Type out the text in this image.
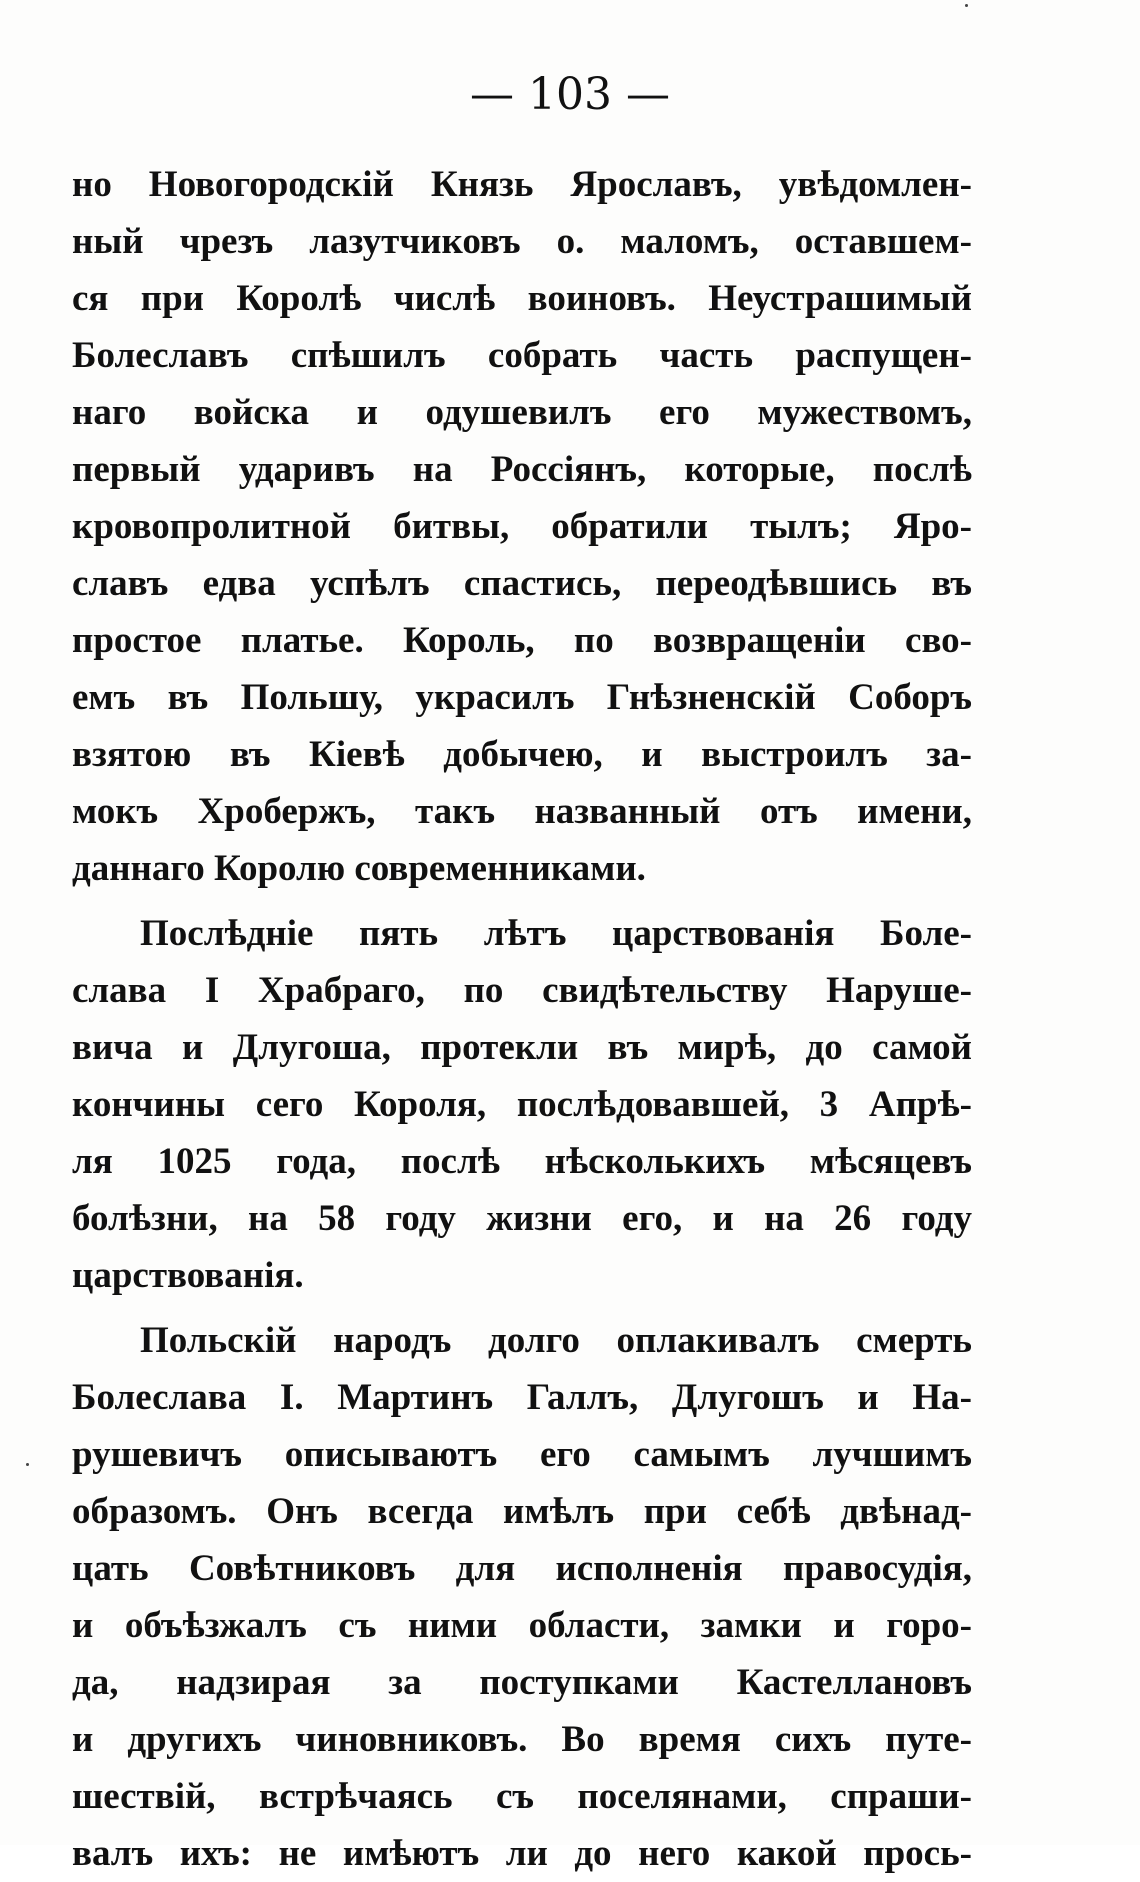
— 103 —
но Новогородскій Князь Ярославъ, увѣдомлен-
ный чрезъ лазутчиковъ о. маломъ, оставшем-
ся при Королѣ числѣ воиновъ. Неустрашимый
Болеславъ спѣшилъ собрать часть распущен-
наго войска и одушевилъ его мужествомъ,
первый ударивъ на Россіянъ, которые, послѣ
кровопролитной битвы, обратили тылъ; Яро-
славъ едва успѣлъ спастись, переодѣвшись въ
простое платье. Король, по возвращеніи сво-
емъ въ Польшу, украсилъ Гнѣзненскій Соборъ
взятою въ Кіевѣ добычею, и выстроилъ за-
мокъ Хробержъ, такъ названный отъ имени,
даннаго Королю современниками.
Послѣдніе пять лѣтъ царствованія Боле-
слава I Храбраго, по свидѣтельству Наруше-
вича и Длугоша, протекли въ мирѣ, до самой
кончины сего Короля, послѣдовавшей, 3 Апрѣ-
ля 1025 года, послѣ нѣсколькихъ мѣсяцевъ
болѣзни, на 58 году жизни его, и на 26 году
царствованія.
Польскій народъ долго оплакивалъ смерть
Болеслава I. Мартинъ Галлъ, Длугошъ и На-
рушевичъ описываютъ его самымъ лучшимъ
образомъ. Онъ всегда имѣлъ при себѣ двѣнад-
цать Совѣтниковъ для исполненія правосудія,
и объѣзжалъ съ ними области, замки и горо-
да, надзирая за поступками Кастеллановъ
и другихъ чиновниковъ. Во время сихъ путе-
шествій, встрѣчаясь съ поселянами, спраши-
валъ ихъ: не имѣютъ ли до него какой прось-
